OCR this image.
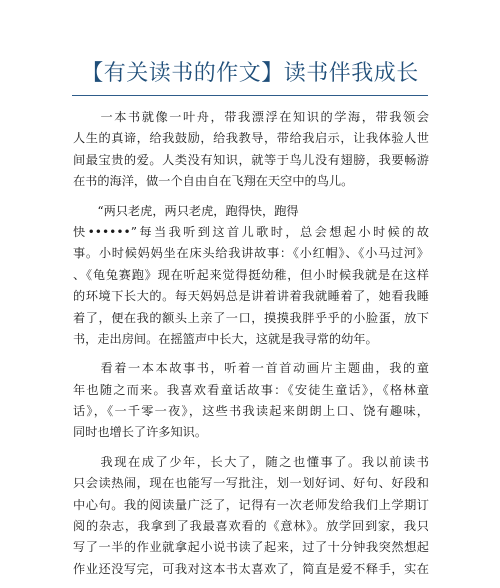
【有关读书的作文】读书伴我成长
　　一本书就像一叶舟，带我漂浮在知识的学海，带我领会
人生的真谛，给我鼓励，给我教导，带给我启示，让我体验人世
间最宝贵的爱。人类没有知识，就等于鸟儿没有翅膀，我要畅游
在书的海洋，做一个自由自在飞翔在天空中的鸟儿。
　　“两只老虎，两只老虎，跑得快，跑得
快••••••”每当我听到这首儿歌时，总会想起小时候的故
事。小时候妈妈坐在床头给我讲故事：《小红帽》、《小马过河》
、《龟兔赛跑》现在听起来觉得挺幼稚，但小时候我就是在这样
的环境下长大的。每天妈妈总是讲着讲着我就睡着了，她看我睡
着了，便在我的额头上亲了一口，摸摸我胖乎乎的小脸蛋，放下
书，走出房间。在摇篮声中长大，这就是我寻常的幼年。
　　看着一本本故事书，听着一首首动画片主题曲，我的童
年也随之而来。我喜欢看童话故事：《安徒生童话》，《格林童
话》，《一千零一夜》，这些书我读起来朗朗上口、饶有趣味，
同时也增长了许多知识。
　　我现在成了少年，长大了，随之也懂事了。我以前读书
只会读热闹，现在也能写一写批注，划一划好词、好句、好段和
中心句。我的阅读量广泛了，记得有一次老师发给我们上学期订
阅的杂志，我拿到了我最喜欢看的《意林》。放学回到家，我只
写了一半的作业就拿起小说书读了起来，过了十分钟我突然想起
作业还没写完，可我对这本书太喜欢了，简直是爱不释手，实在
